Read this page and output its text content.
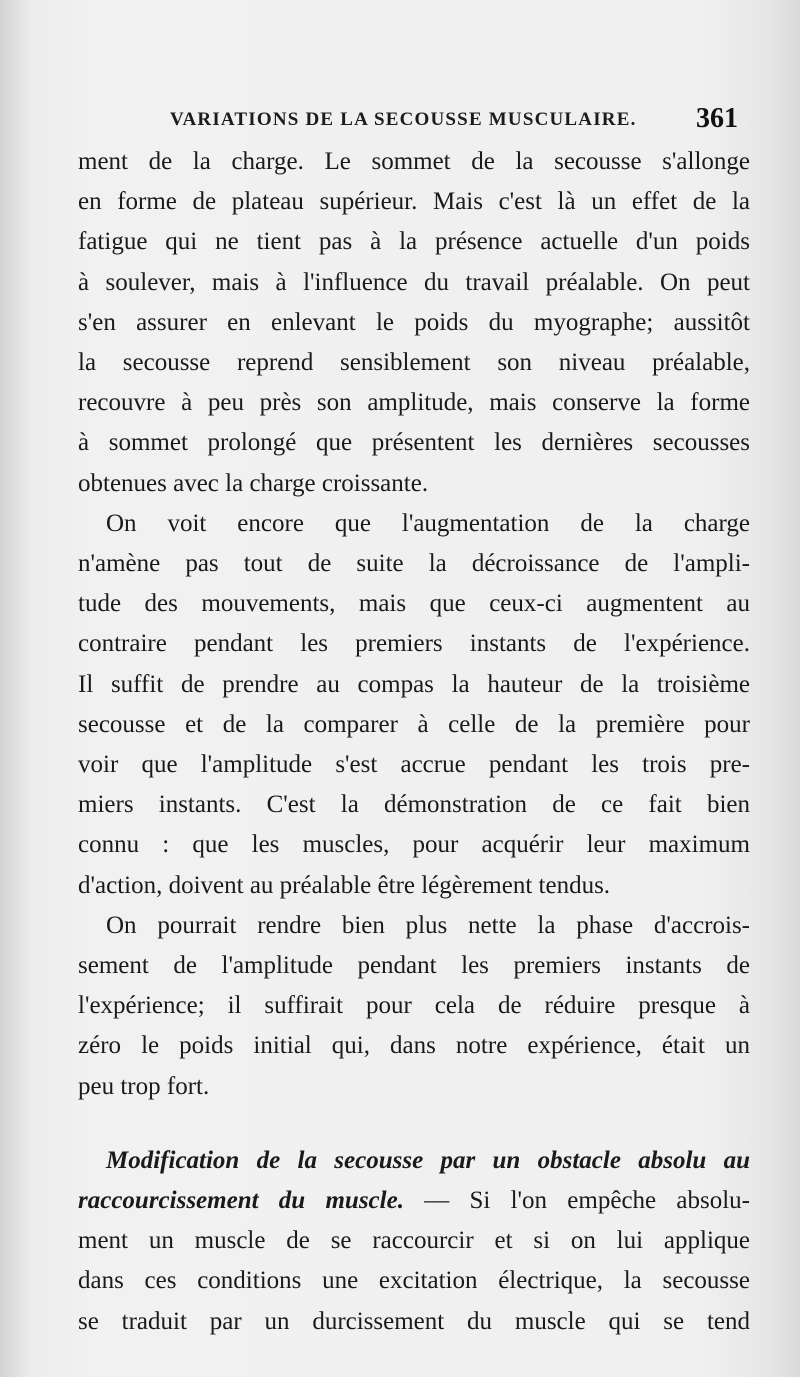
VARIATIONS DE LA SECOUSSE MUSCULAIRE. 361
ment de la charge. Le sommet de la secousse s'allonge
en forme de plateau supérieur. Mais c'est là un effet de la
fatigue qui ne tient pas à la présence actuelle d'un poids
à soulever, mais à l'influence du travail préalable. On peut
s'en assurer en enlevant le poids du myographe; aussitôt
la secousse reprend sensiblement son niveau préalable,
recouvre à peu près son amplitude, mais conserve la forme
à sommet prolongé que présentent les dernières secousses
obtenues avec la charge croissante.
On voit encore que l'augmentation de la charge
n'amène pas tout de suite la décroissance de l'ampli-
tude des mouvements, mais que ceux-ci augmentent au
contraire pendant les premiers instants de l'expérience.
Il suffit de prendre au compas la hauteur de la troisième
secousse et de la comparer à celle de la première pour
voir que l'amplitude s'est accrue pendant les trois pre-
miers instants. C'est la démonstration de ce fait bien
connu : que les muscles, pour acquérir leur maximum
d'action, doivent au préalable être légèrement tendus.
On pourrait rendre bien plus nette la phase d'accrois-
sement de l'amplitude pendant les premiers instants de
l'expérience; il suffirait pour cela de réduire presque à
zéro le poids initial qui, dans notre expérience, était un
peu trop fort.
Modification de la secousse par un obstacle absolu au
raccourcissement du muscle. — Si l'on empêche absolu-
ment un muscle de se raccourcir et si on lui applique
dans ces conditions une excitation électrique, la secousse
se traduit par un durcissement du muscle qui se tend
